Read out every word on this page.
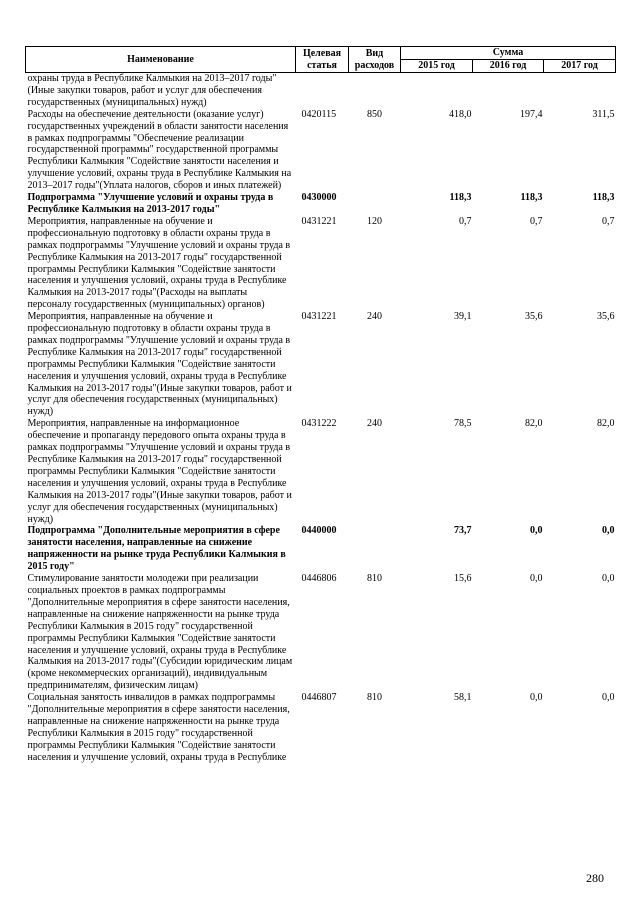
Наименование	Целевая статья	Вид расходов	Сумма		
			2015 год	2016 год	2017 год
охраны труда в Республике Калмыкия на 2013–2017 годы"(Иные закупки товаров, работ и услуг для обеспечения государственных (муниципальных) нужд)					
Расходы на обеспечение деятельности (оказание услуг) государственных учреждений в области занятости населения в рамках подпрограммы "Обеспечение реализации государственной программы" государственной программы Республики Калмыкия "Содействие занятости населения и улучшение условий, охраны труда в Республике Калмыкия на 2013–2017 годы"(Уплата налогов, сборов и иных платежей)	0420115	850	418,0	197,4	311,5
Подпрограмма "Улучшение условий и охраны труда в Республике Калмыкия на 2013-2017 годы"	0430000		118,3	118,3	118,3
Мероприятия, направленные на обучение и профессиональную подготовку в области охраны труда в рамках подпрограммы "Улучшение условий и охраны труда в Республике Калмыкия на 2013-2017 годы" государственной программы Республики Калмыкия "Содействие занятости населения и улучшения условий, охраны труда в Республике Калмыкия на 2013-2017 годы"(Расходы на выплаты персоналу государственных (муниципальных) органов)	0431221	120	0,7	0,7	0,7
Мероприятия, направленные на обучение и профессиональную подготовку в области охраны труда в рамках подпрограммы "Улучшение условий и охраны труда в Республике Калмыкия на 2013-2017 годы" государственной программы Республики Калмыкия "Содействие занятости населения и улучшения условий, охраны труда в Республике Калмыкия на 2013-2017 годы"(Иные закупки товаров, работ и услуг для обеспечения государственных (муниципальных) нужд)	0431221	240	39,1	35,6	35,6
Мероприятия, направленные на информационное обеспечение и пропаганду передового опыта охраны труда в рамках подпрограммы "Улучшение условий и охраны труда в Республике Калмыкия на 2013-2017 годы" государственной программы Республики Калмыкия "Содействие занятости населения и улучшения условий, охраны труда в Республике Калмыкия на 2013-2017 годы"(Иные закупки товаров, работ и услуг для обеспечения государственных (муниципальных) нужд)	0431222	240	78,5	82,0	82,0
Подпрограмма "Дополнительные мероприятия в сфере занятости населения, направленные на снижение напряженности на рынке труда Республики Калмыкия в 2015 году"	0440000		73,7	0,0	0,0
Стимулирование занятости молодежи при реализации социальных проектов в рамках подпрограммы "Дополнительные мероприятия в сфере занятости населения, направленные на снижение напряженности на рынке труда Республики Калмыкия в 2015 году" государственной программы Республики Калмыкия "Содействие занятости населения и улучшение условий, охраны труда в Республике Калмыкия на 2013-2017 годы"(Субсидии юридическим лицам (кроме некоммерческих организаций), индивидуальным предпринимателям, физическим лицам)	0446806	810	15,6	0,0	0,0
Социальная занятость инвалидов в рамках подпрограммы "Дополнительные мероприятия в сфере занятости населения, направленные на снижение напряженности на рынке труда Республики Калмыкия в 2015 году" государственной программы Республики Калмыкия "Содействие занятости населения и улучшение условий, охраны труда в Республике	0446807	810	58,1	0,0	0,0
280
